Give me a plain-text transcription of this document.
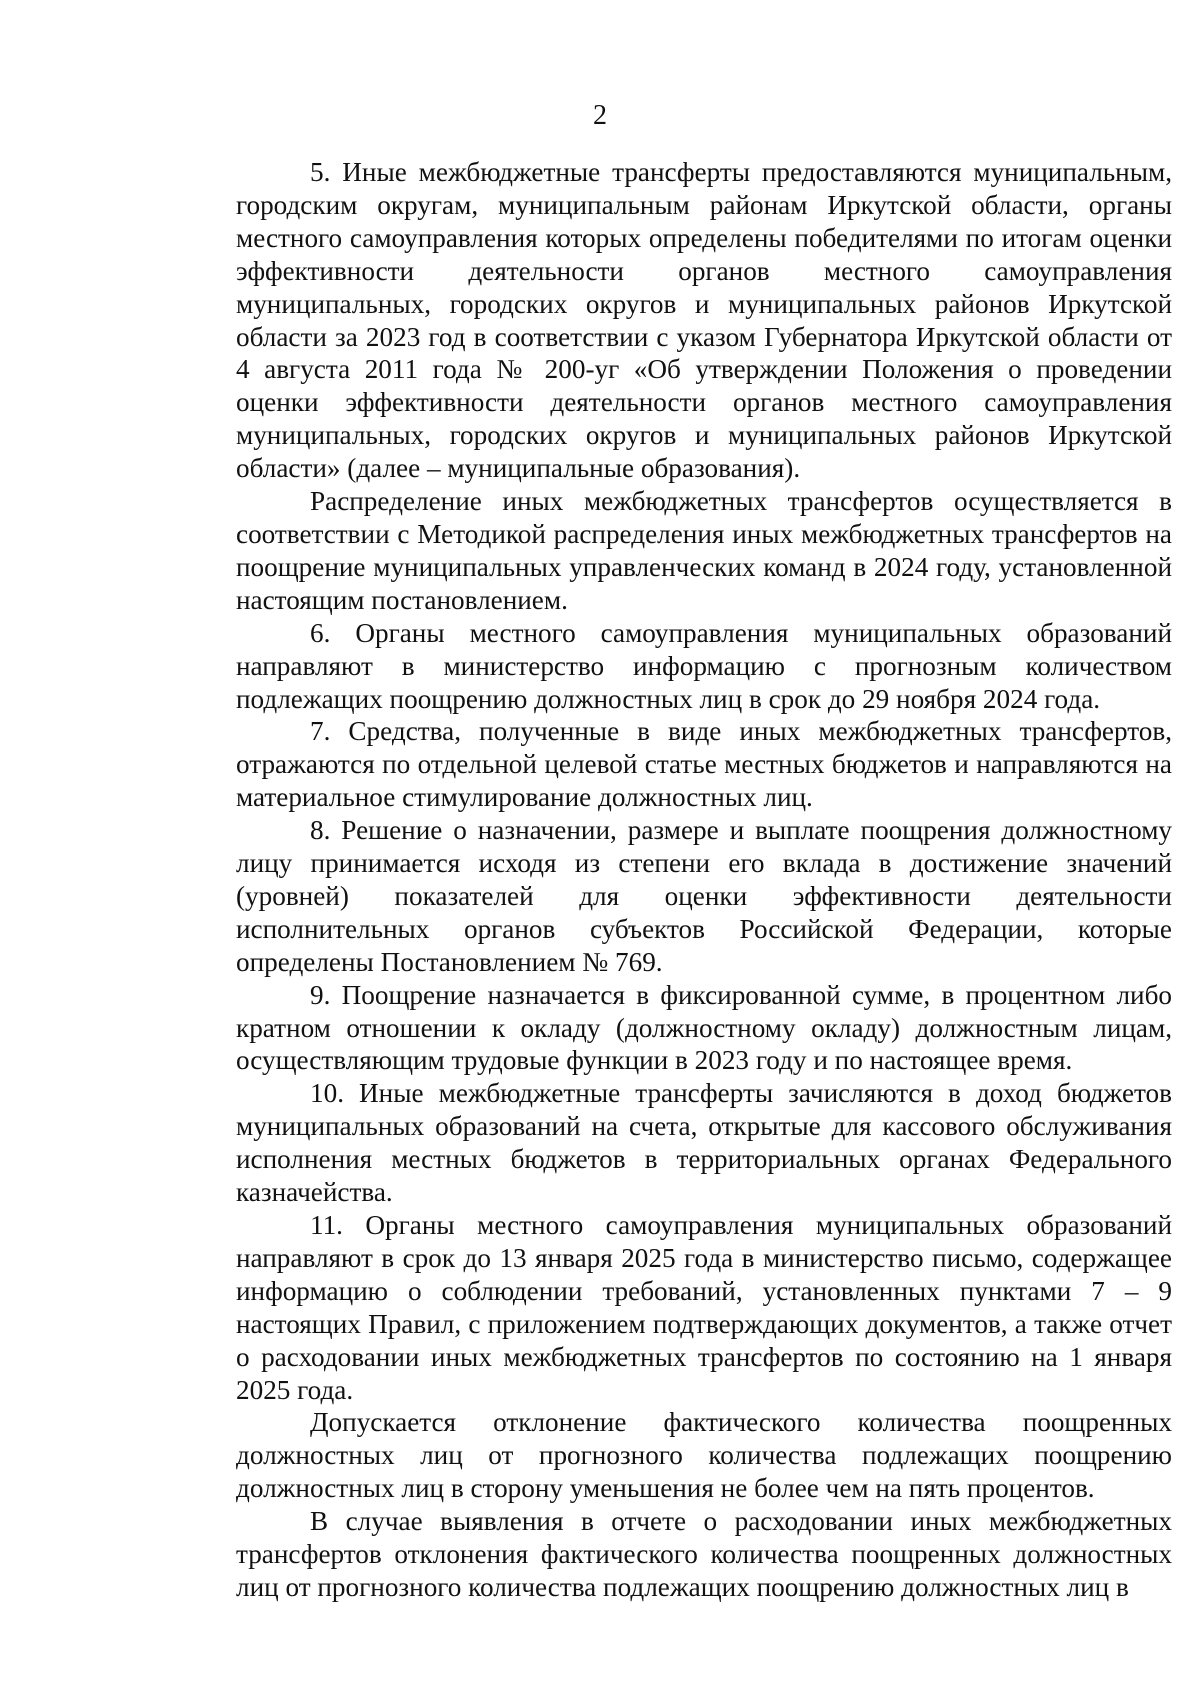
2

5. Иные межбюджетные трансферты предоставляются муниципальным, городским округам, муниципальным районам Иркутской области, органы местного самоуправления которых определены победителями по итогам оценки эффективности деятельности органов местного самоуправления муниципальных, городских округов и муниципальных районов Иркутской области за 2023 год в соответствии с указом Губернатора Иркутской области от 4 августа 2011 года № 200-уг «Об утверждении Положения о проведении оценки эффективности деятельности органов местного самоуправления муниципальных, городских округов и муниципальных районов Иркутской области» (далее – муниципальные образования).

Распределение иных межбюджетных трансфертов осуществляется в соответствии с Методикой распределения иных межбюджетных трансфертов на поощрение муниципальных управленческих команд в 2024 году, установленной настоящим постановлением.

6. Органы местного самоуправления муниципальных образований направляют в министерство информацию с прогнозным количеством подлежащих поощрению должностных лиц в срок до 29 ноября 2024 года.

7. Средства, полученные в виде иных межбюджетных трансфертов, отражаются по отдельной целевой статье местных бюджетов и направляются на материальное стимулирование должностных лиц.

8. Решение о назначении, размере и выплате поощрения должностному лицу принимается исходя из степени его вклада в достижение значений (уровней) показателей для оценки эффективности деятельности исполнительных органов субъектов Российской Федерации, которые определены Постановлением № 769.

9. Поощрение назначается в фиксированной сумме, в процентном либо кратном отношении к окладу (должностному окладу) должностным лицам, осуществляющим трудовые функции в 2023 году и по настоящее время.

10. Иные межбюджетные трансферты зачисляются в доход бюджетов муниципальных образований на счета, открытые для кассового обслуживания исполнения местных бюджетов в территориальных органах Федерального казначейства.

11. Органы местного самоуправления муниципальных образований направляют в срок до 13 января 2025 года в министерство письмо, содержащее информацию о соблюдении требований, установленных пунктами 7 – 9 настоящих Правил, с приложением подтверждающих документов, а также отчет о расходовании иных межбюджетных трансфертов по состоянию на 1 января 2025 года.

Допускается отклонение фактического количества поощренных должностных лиц от прогнозного количества подлежащих поощрению должностных лиц в сторону уменьшения не более чем на пять процентов.

В случае выявления в отчете о расходовании иных межбюджетных трансфертов отклонения фактического количества поощренных должностных лиц от прогнозного количества подлежащих поощрению должностных лиц в
